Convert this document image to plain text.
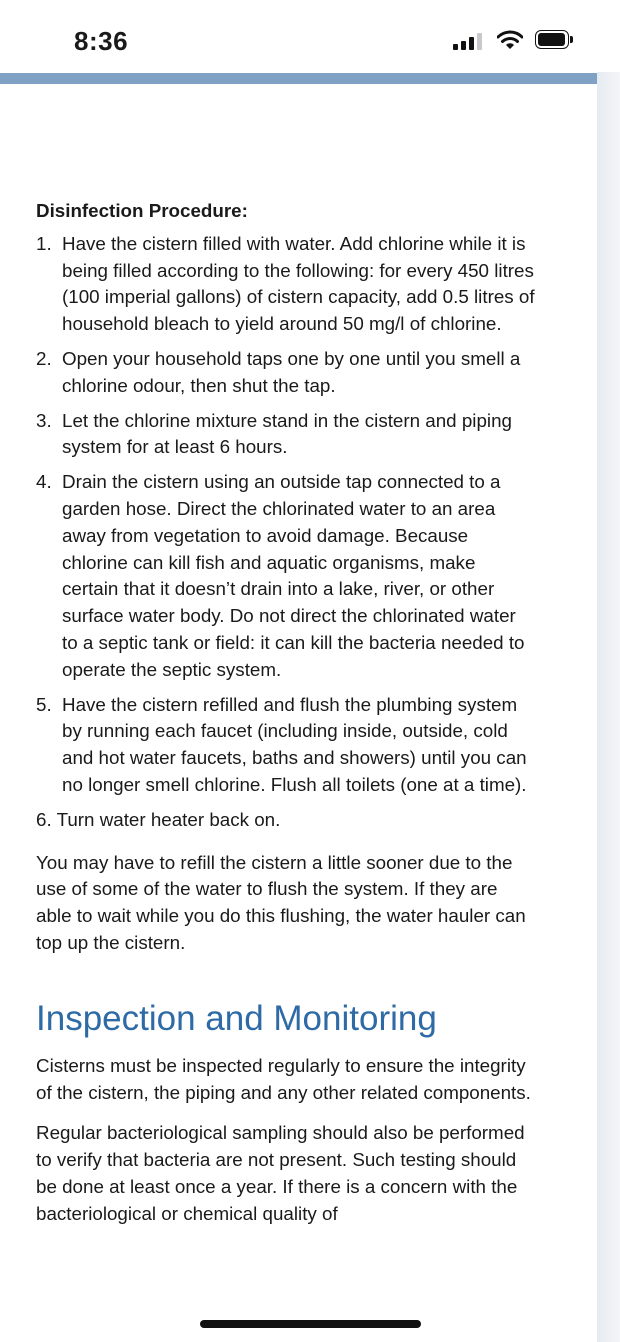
8:36
Disinfection Procedure:
1. Have the cistern filled with water. Add chlorine while it is being filled according to the following: for every 450 litres (100 imperial gallons) of cistern capacity, add 0.5 litres of household bleach to yield around 50 mg/l of chlorine.
2. Open your household taps one by one until you smell a chlorine odour, then shut the tap.
3. Let the chlorine mixture stand in the cistern and piping system for at least 6 hours.
4. Drain the cistern using an outside tap connected to a garden hose. Direct the chlorinated water to an area away from vegetation to avoid damage. Because chlorine can kill fish and aquatic organisms, make certain that it doesn’t drain into a lake, river, or other surface water body. Do not direct the chlorinated water to a septic tank or field: it can kill the bacteria needed to operate the septic system.
5. Have the cistern refilled and flush the plumbing system by running each faucet (including inside, outside, cold and hot water faucets, baths and showers) until you can no longer smell chlorine. Flush all toilets (one at a time).
6. Turn water heater back on.

You may have to refill the cistern a little sooner due to the use of some of the water to flush the system. If they are able to wait while you do this flushing, the water hauler can top up the cistern.

Inspection and Monitoring

Cisterns must be inspected regularly to ensure the integrity of the cistern, the piping and any other related components.

Regular bacteriological sampling should also be performed to verify that bacteria are not present. Such testing should be done at least once a year. If there is a concern with the bacteriological or chemical quality of
